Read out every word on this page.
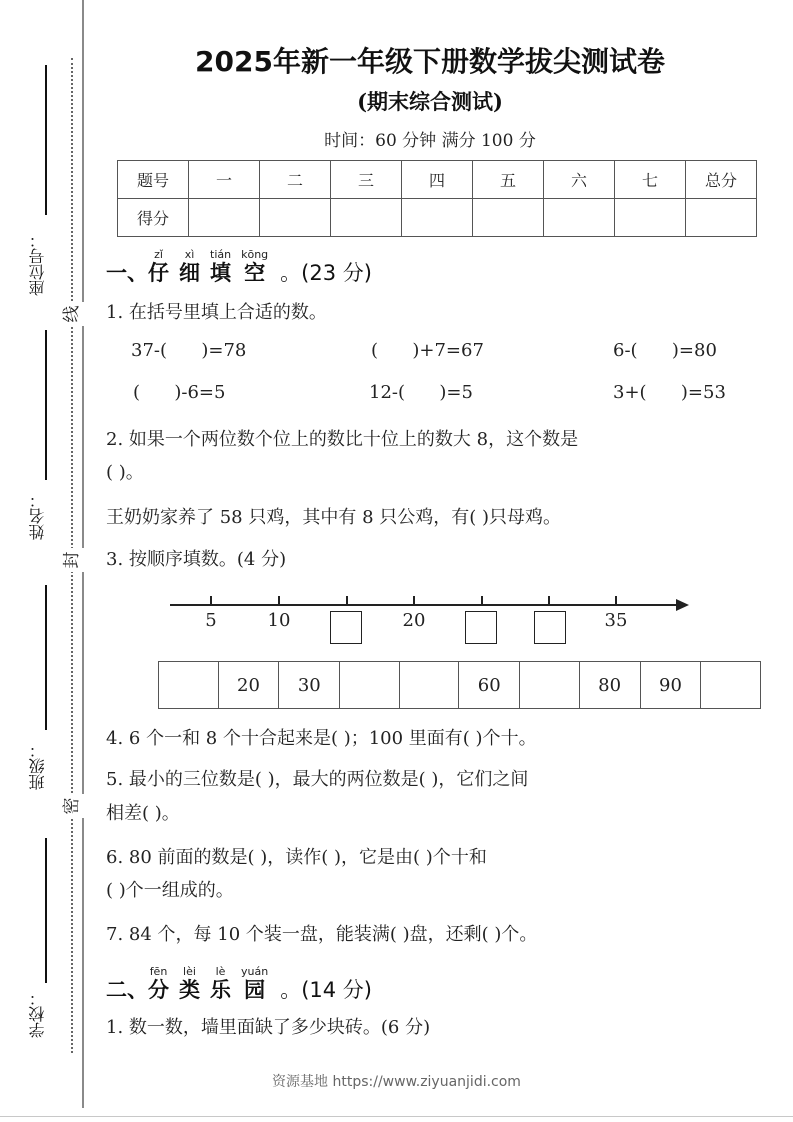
线
封
密
座位号：
姓名：
班级：
学校：
2025年新一年级下册数学拔尖测试卷
(期末综合测试)
时间：60 分钟 满分 100 分
题号	一	二	三	四	五	六	七	总分
得分								
一、
zǐ
仔
xì
细
tián
填
kōng
空 。(23 分)
1. 在括号里填上合适的数。
37-(      )=78	(      )+7=67	6-(      )=80
(      )-6=5	12-(      )=5	3+(      )=53
2. 如果一个两位数个位上的数比十位上的数大 8，这个数是
( )。
王奶奶家养了 58 只鸡，其中有 8 只公鸡，有( )只母鸡。
3. 按顺序填数。(4 分)
5	10	20	35
	20	30			60		80	90	
4. 6 个一和 8 个十合起来是( )；100 里面有( )个十。
5. 最小的三位数是( )，最大的两位数是( )，它们之间
相差( )。
6. 80 前面的数是( )，读作( )，它是由( )个十和
( )个一组成的。
7. 84 个，每 10 个装一盘，能装满( )盘，还剩( )个。
二、
fēn
分
lèi
类
lè
乐
yuán
园 。(14 分)
1. 数一数，墙里面缺了多少块砖。(6 分)
资源基地 https://www.ziyuanjidi.com
